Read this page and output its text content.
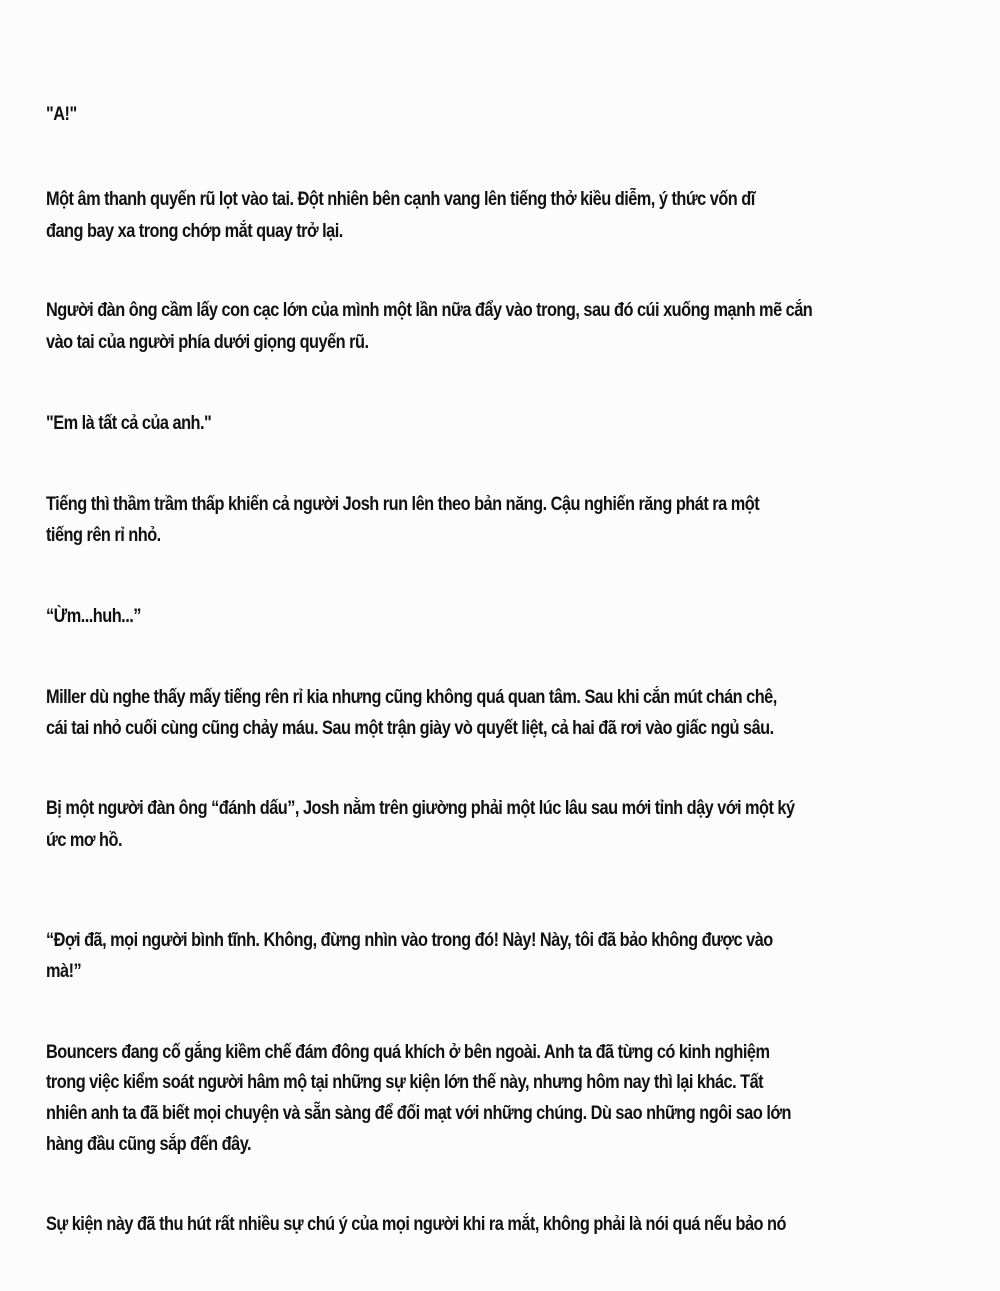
"A!"
Một âm thanh quyến rũ lọt vào tai. Đột nhiên bên cạnh vang lên tiếng thở kiều diễm, ý thức vốn dĩ
đang bay xa trong chớp mắt quay trở lại.
Người đàn ông cầm lấy con cạc lớn của mình một lần nữa đẩy vào trong, sau đó cúi xuống mạnh mẽ cắn
vào tai của người phía dưới giọng quyến rũ.
"Em là tất cả của anh."
Tiếng thì thầm trầm thấp khiến cả người Josh run lên theo bản năng. Cậu nghiến răng phát ra một
tiếng rên rỉ nhỏ.
“Ừm...huh...”
Miller dù nghe thấy mấy tiếng rên rỉ kia nhưng cũng không quá quan tâm. Sau khi cắn mút chán chê,
cái tai nhỏ cuối cùng cũng chảy máu. Sau một trận giày vò quyết liệt, cả hai đã rơi vào giấc ngủ sâu.
Bị một người đàn ông “đánh dấu”, Josh nằm trên giường phải một lúc lâu sau mới tỉnh dậy với một ký
ức mơ hồ.
“Đợi đã, mọi người bình tĩnh. Không, đừng nhìn vào trong đó! Này! Này, tôi đã bảo không được vào
mà!”
Bouncers đang cố gắng kiềm chế đám đông quá khích ở bên ngoài. Anh ta đã từng có kinh nghiệm
trong việc kiểm soát người hâm mộ tại những sự kiện lớn thế này, nhưng hôm nay thì lại khác. Tất
nhiên anh ta đã biết mọi chuyện và sẵn sàng để đối mạt với những chúng. Dù sao những ngôi sao lớn
hàng đầu cũng sắp đến đây.
Sự kiện này đã thu hút rất nhiều sự chú ý của mọi người khi ra mắt, không phải là nói quá nếu bảo nó
